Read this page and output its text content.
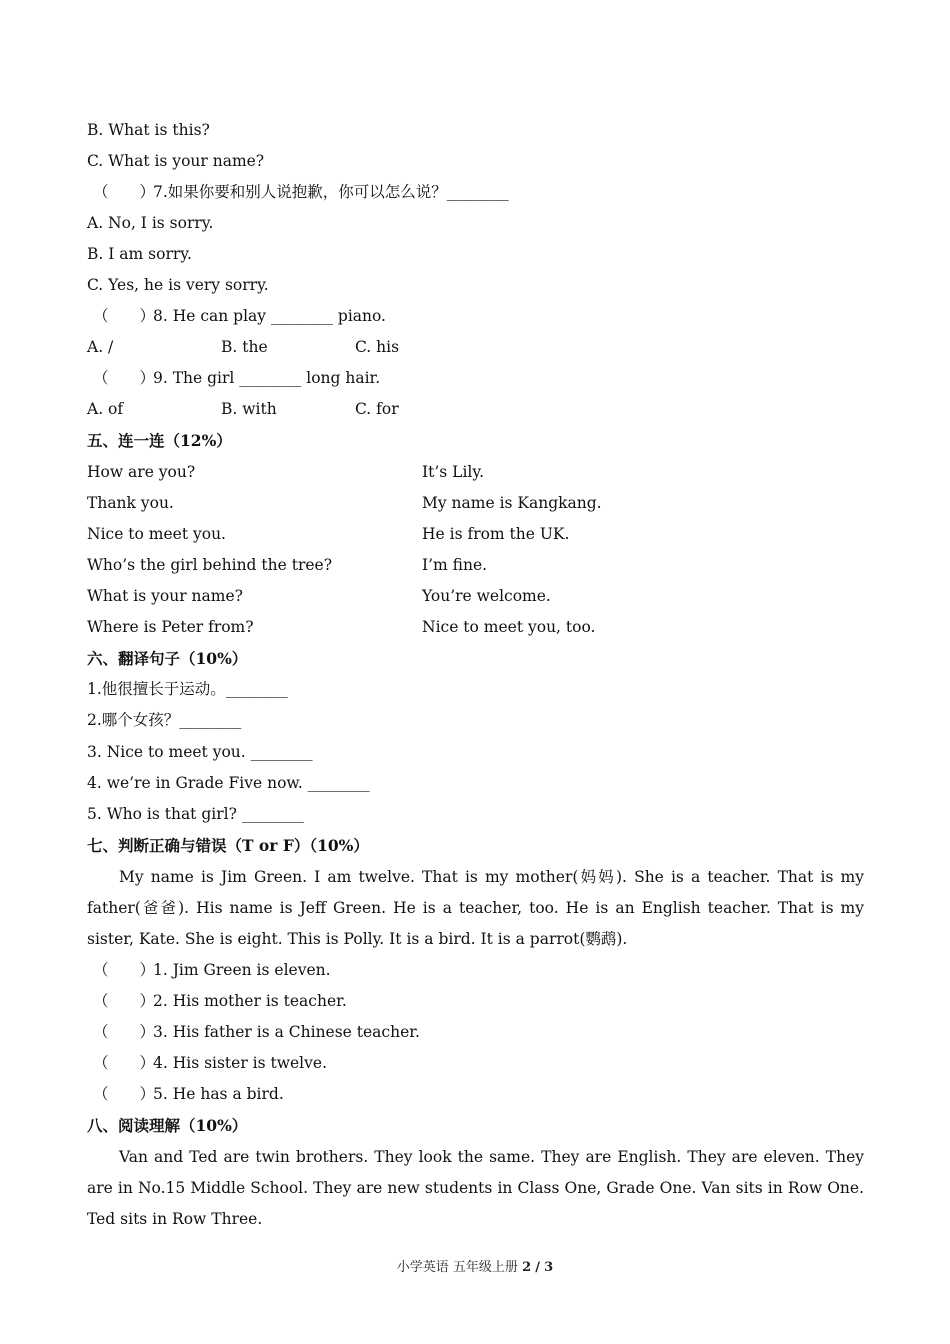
B. What is this?
C. What is your name?
（　　）7.如果你要和别人说抱歉，你可以怎么说？________
A. No, I is sorry.
B. I am sorry.
C. Yes, he is very sorry.
（　　）8. He can play ________ piano.
A. /	B. the	C. his
（　　）9. The girl ________ long hair.
A. of	B. with	C. for
五、连一连（12%）
How are you?	It’s Lily.
Thank you.	My name is Kangkang.
Nice to meet you.	He is from the UK.
Who’s the girl behind the tree?	I’m fine.
What is your name?	You’re welcome.
Where is Peter from?	Nice to meet you, too.
六、翻译句子（10%）
1.他很擅长于运动。________
2.哪个女孩？________
3. Nice to meet you. ________
4. we’re in Grade Five now. ________
5. Who is that girl? ________
七、判断正确与错误（T or F）（10%）
My name is Jim Green. I am twelve. That is my mother(妈妈). She is a teacher. That is my father(爸爸). His name is Jeff Green. He is a teacher, too. He is an English teacher. That is my sister, Kate. She is eight. This is Polly. It is a bird. It is a parrot(鹦鹉).
（　　）1. Jim Green is eleven.
（　　）2. His mother is teacher.
（　　）3. His father is a Chinese teacher.
（　　）4. His sister is twelve.
（　　）5. He has a bird.
八、阅读理解（10%）
Van and Ted are twin brothers. They look the same. They are English. They are eleven. They are in No.15 Middle School. They are new students in Class One, Grade One. Van sits in Row One. Ted sits in Row Three.
小学英语 五年级上册 2 / 3
